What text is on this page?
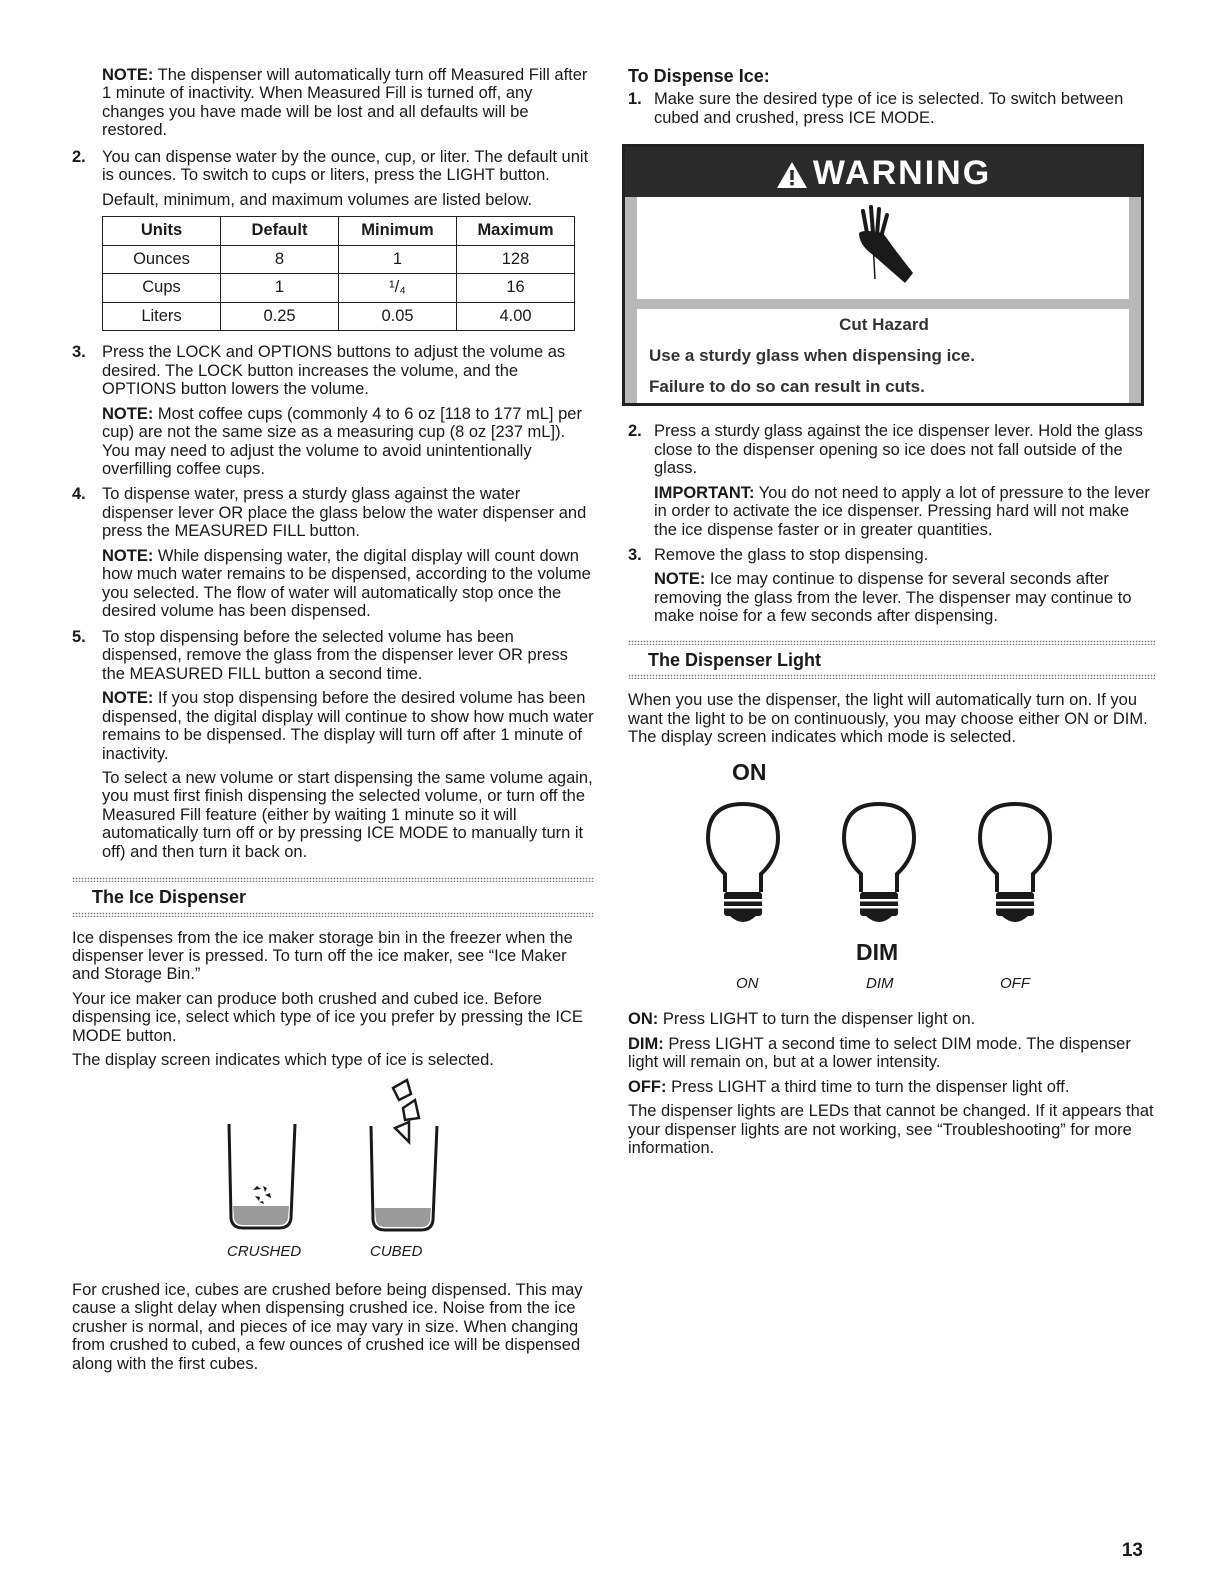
NOTE: The dispenser will automatically turn off Measured Fill after 1 minute of inactivity. When Measured Fill is turned off, any changes you have made will be lost and all defaults will be restored.

2. You can dispense water by the ounce, cup, or liter. The default unit is ounces. To switch to cups or liters, press the LIGHT button.

Default, minimum, and maximum volumes are listed below.

Units	Default	Minimum	Maximum
Ounces	8	1	128
Cups	1	¹/₄	16
Liters	0.25	0.05	4.00
3. Press the LOCK and OPTIONS buttons to adjust the volume as desired. The LOCK button increases the volume, and the OPTIONS button lowers the volume.

NOTE: Most coffee cups (commonly 4 to 6 oz [118 to 177 mL] per cup) are not the same size as a measuring cup (8 oz [237 mL]). You may need to adjust the volume to avoid unintentionally overfilling coffee cups.

4. To dispense water, press a sturdy glass against the water dispenser lever OR place the glass below the water dispenser and press the MEASURED FILL button.

NOTE: While dispensing water, the digital display will count down how much water remains to be dispensed, according to the volume you selected. The flow of water will automatically stop once the desired volume has been dispensed.

5. To stop dispensing before the selected volume has been dispensed, remove the glass from the dispenser lever OR press the MEASURED FILL button a second time.

NOTE: If you stop dispensing before the desired volume has been dispensed, the digital display will continue to show how much water remains to be dispensed. The display will turn off after 1 minute of inactivity.

To select a new volume or start dispensing the same volume again, you must first finish dispensing the selected volume, or turn off the Measured Fill feature (either by waiting 1 minute so it will automatically turn off or by pressing ICE MODE to manually turn it off) and then turn it back on.

The Ice Dispenser

Ice dispenses from the ice maker storage bin in the freezer when the dispenser lever is pressed. To turn off the ice maker, see “Ice Maker and Storage Bin.”

Your ice maker can produce both crushed and cubed ice. Before dispensing ice, select which type of ice you prefer by pressing the ICE MODE button.

The display screen indicates which type of ice is selected.

CRUSHED	CUBED

For crushed ice, cubes are crushed before being dispensed. This may cause a slight delay when dispensing crushed ice. Noise from the ice crusher is normal, and pieces of ice may vary in size. When changing from crushed to cubed, a few ounces of crushed ice will be dispensed along with the first cubes.

To Dispense Ice:
1. Make sure the desired type of ice is selected. To switch between cubed and crushed, press ICE MODE.

WARNING
Cut Hazard
Use a sturdy glass when dispensing ice.
Failure to do so can result in cuts.
2. Press a sturdy glass against the ice dispenser lever. Hold the glass close to the dispenser opening so ice does not fall outside of the glass.

IMPORTANT: You do not need to apply a lot of pressure to the lever in order to activate the ice dispenser. Pressing hard will not make the ice dispense faster or in greater quantities.

3. Remove the glass to stop dispensing.

NOTE: Ice may continue to dispense for several seconds after removing the glass from the lever. The dispenser may continue to make noise for a few seconds after dispensing.

The Dispenser Light

When you use the dispenser, the light will automatically turn on. If you want the light to be on continuously, you may choose either ON or DIM. The display screen indicates which mode is selected.

ON
DIM
ON	DIM	OFF

ON: Press LIGHT to turn the dispenser light on.

DIM: Press LIGHT a second time to select DIM mode. The dispenser light will remain on, but at a lower intensity.

OFF: Press LIGHT a third time to turn the dispenser light off.

The dispenser lights are LEDs that cannot be changed. If it appears that your dispenser lights are not working, see “Troubleshooting” for more information.

13
